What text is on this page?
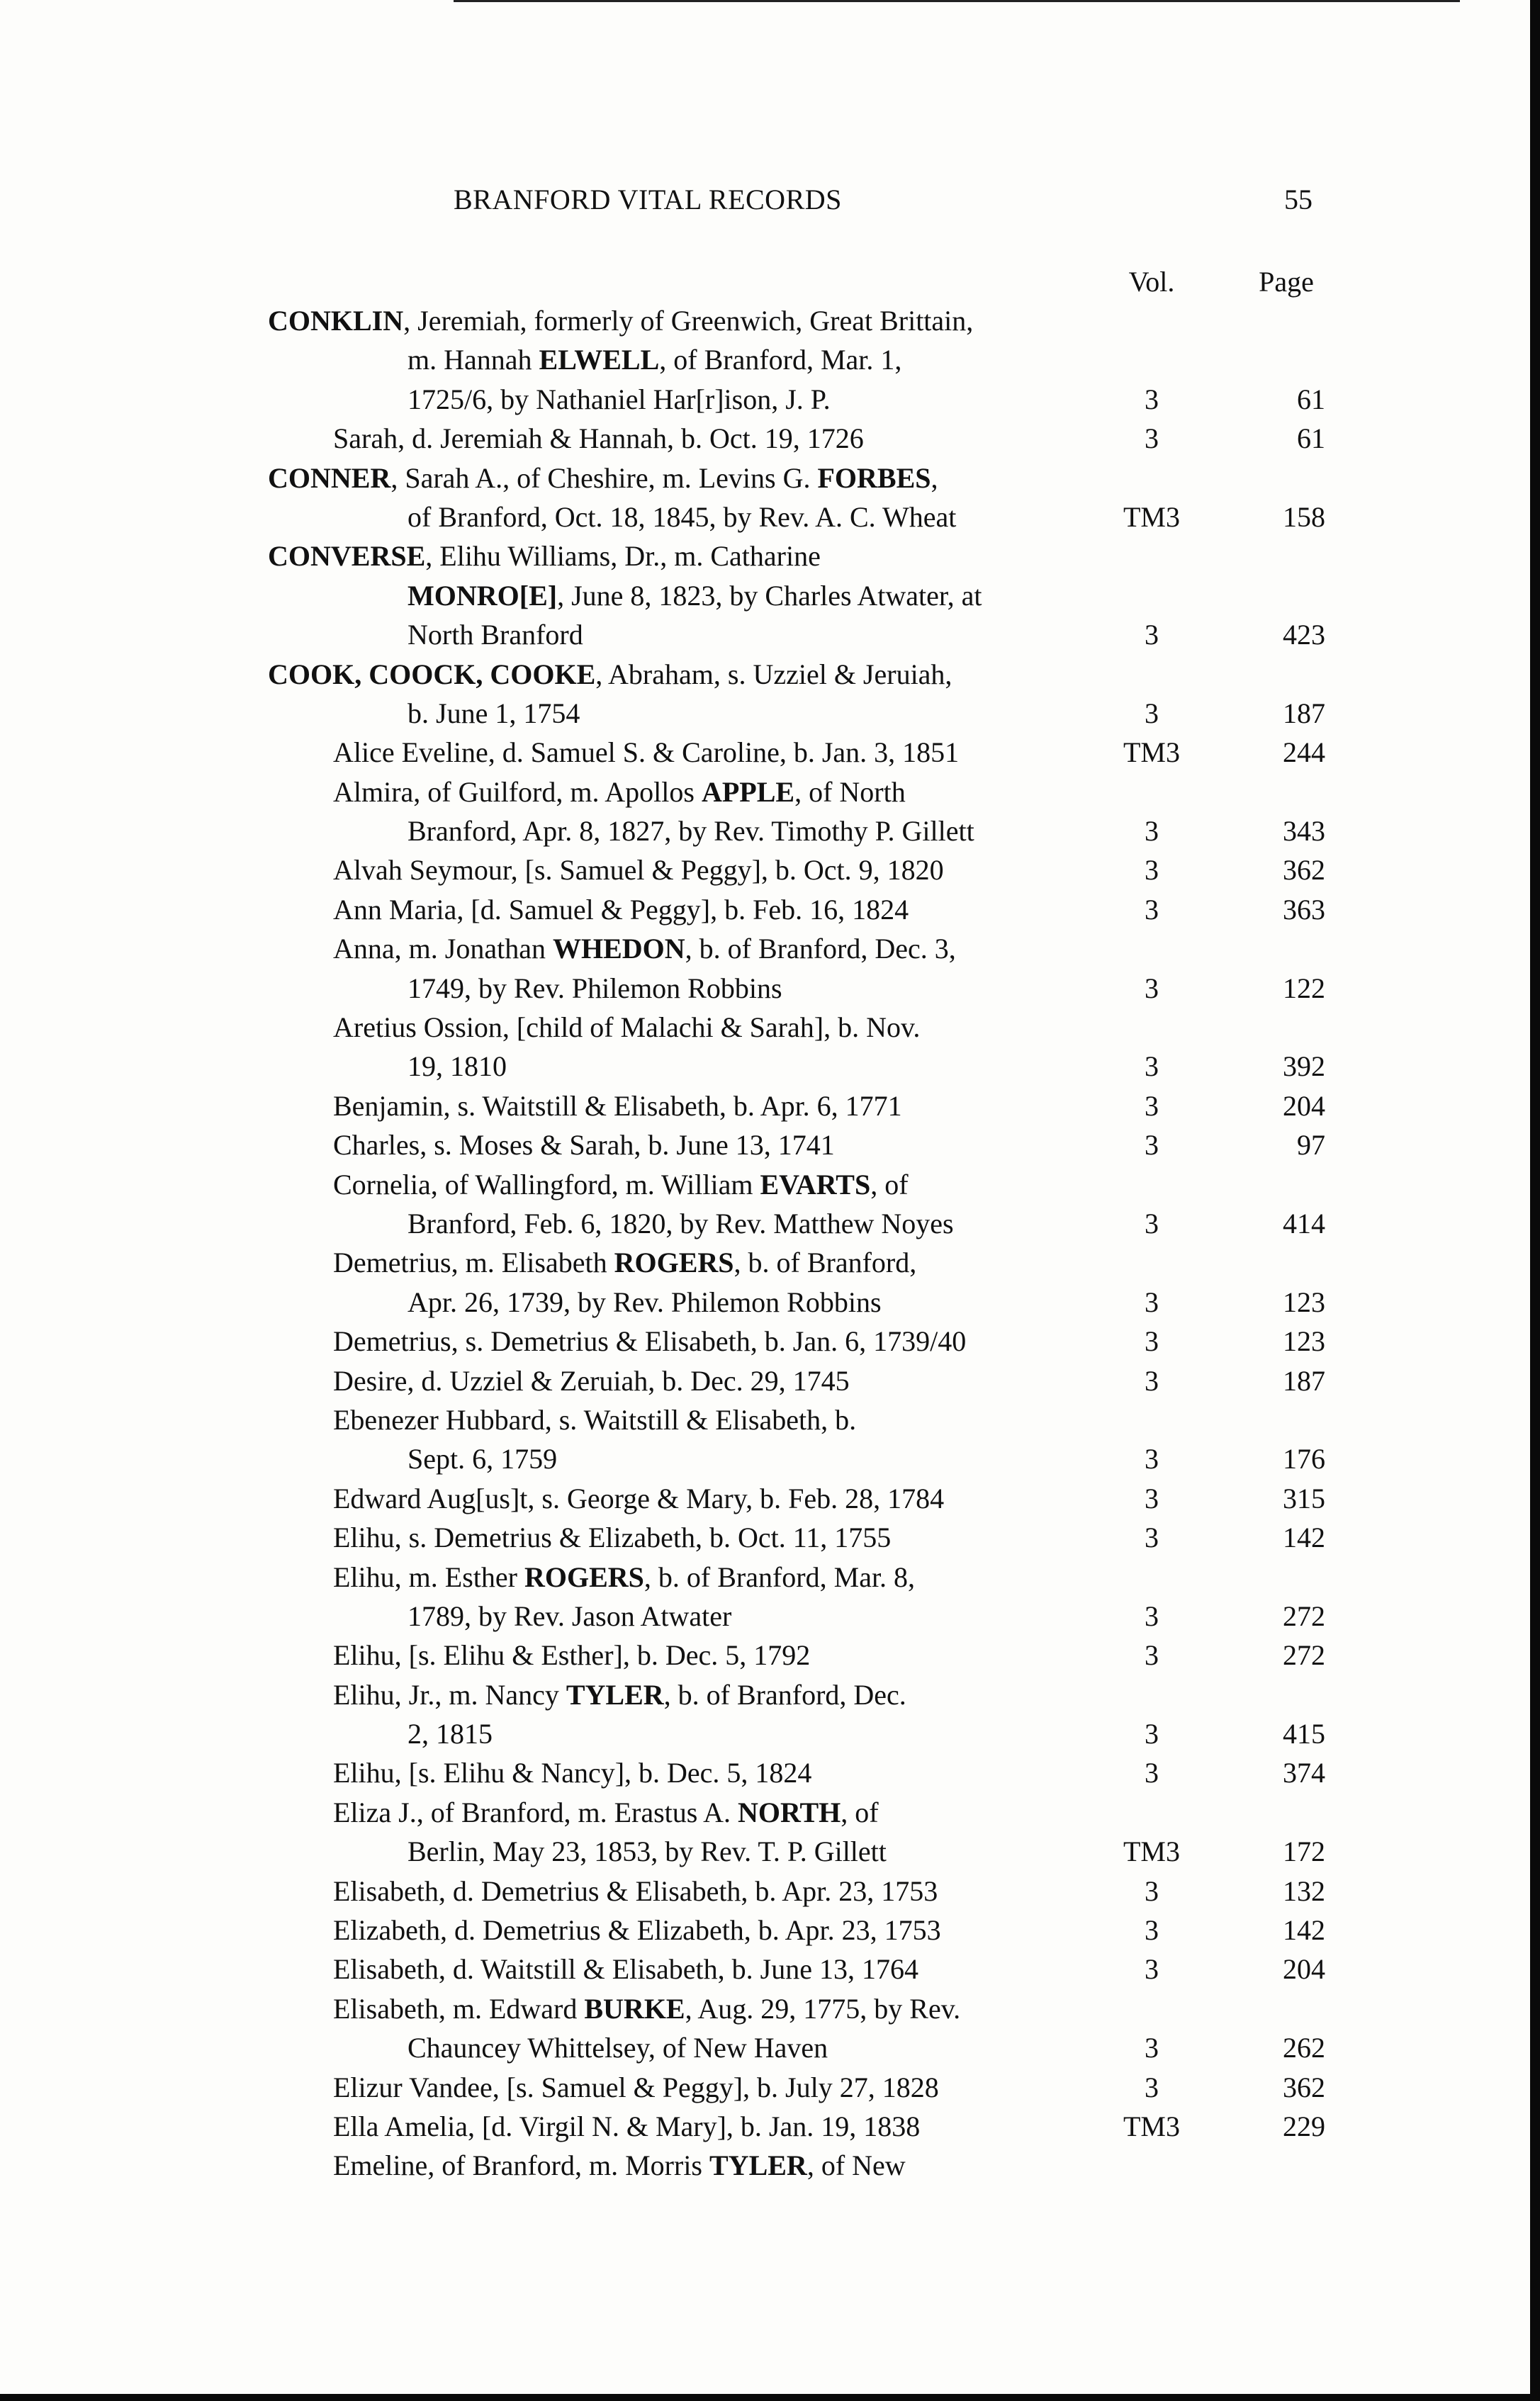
BRANFORD VITAL RECORDS	55
Vol.	Page
CONKLIN, Jeremiah, formerly of Greenwich, Great Brittain,
m. Hannah ELWELL, of Branford, Mar. 1,
1725/6, by Nathaniel Har[r]ison, J. P.	3	61
Sarah, d. Jeremiah & Hannah, b. Oct. 19, 1726	3	61
CONNER, Sarah A., of Cheshire, m. Levins G. FORBES,
of Branford, Oct. 18, 1845, by Rev. A. C. Wheat	TM3	158
CONVERSE, Elihu Williams, Dr., m. Catharine
MONRO[E], June 8, 1823, by Charles Atwater, at
North Branford	3	423
COOK, COOCK, COOKE, Abraham, s. Uzziel & Jeruiah,
b. June 1, 1754	3	187
Alice Eveline, d. Samuel S. & Caroline, b. Jan. 3, 1851	TM3	244
Almira, of Guilford, m. Apollos APPLE, of North
Branford, Apr. 8, 1827, by Rev. Timothy P. Gillett	3	343
Alvah Seymour, [s. Samuel & Peggy], b. Oct. 9, 1820	3	362
Ann Maria, [d. Samuel & Peggy], b. Feb. 16, 1824	3	363
Anna, m. Jonathan WHEDON, b. of Branford, Dec. 3,
1749, by Rev. Philemon Robbins	3	122
Aretius Ossion, [child of Malachi & Sarah], b. Nov.
19, 1810	3	392
Benjamin, s. Waitstill & Elisabeth, b. Apr. 6, 1771	3	204
Charles, s. Moses & Sarah, b. June 13, 1741	3	97
Cornelia, of Wallingford, m. William EVARTS, of
Branford, Feb. 6, 1820, by Rev. Matthew Noyes	3	414
Demetrius, m. Elisabeth ROGERS, b. of Branford,
Apr. 26, 1739, by Rev. Philemon Robbins	3	123
Demetrius, s. Demetrius & Elisabeth, b. Jan. 6, 1739/40	3	123
Desire, d. Uzziel & Zeruiah, b. Dec. 29, 1745	3	187
Ebenezer Hubbard, s. Waitstill & Elisabeth, b.
Sept. 6, 1759	3	176
Edward Aug[us]t, s. George & Mary, b. Feb. 28, 1784	3	315
Elihu, s. Demetrius & Elizabeth, b. Oct. 11, 1755	3	142
Elihu, m. Esther ROGERS, b. of Branford, Mar. 8,
1789, by Rev. Jason Atwater	3	272
Elihu, [s. Elihu & Esther], b. Dec. 5, 1792	3	272
Elihu, Jr., m. Nancy TYLER, b. of Branford, Dec.
2, 1815	3	415
Elihu, [s. Elihu & Nancy], b. Dec. 5, 1824	3	374
Eliza J., of Branford, m. Erastus A. NORTH, of
Berlin, May 23, 1853, by Rev. T. P. Gillett	TM3	172
Elisabeth, d. Demetrius & Elisabeth, b. Apr. 23, 1753	3	132
Elizabeth, d. Demetrius & Elizabeth, b. Apr. 23, 1753	3	142
Elisabeth, d. Waitstill & Elisabeth, b. June 13, 1764	3	204
Elisabeth, m. Edward BURKE, Aug. 29, 1775, by Rev.
Chauncey Whittelsey, of New Haven	3	262
Elizur Vandee, [s. Samuel & Peggy], b. July 27, 1828	3	362
Ella Amelia, [d. Virgil N. & Mary], b. Jan. 19, 1838	TM3	229
Emeline, of Branford, m. Morris TYLER, of New
